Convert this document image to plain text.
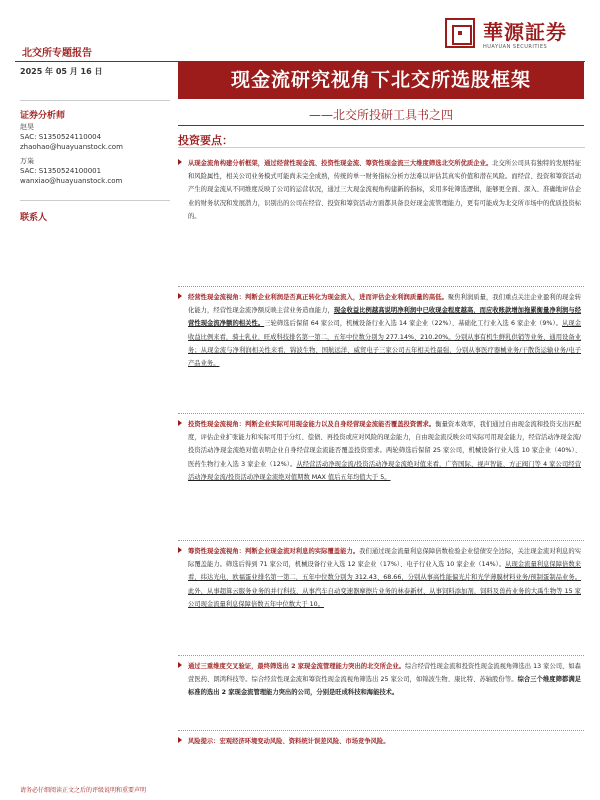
北交所专题报告
華源証券
HUAYUAN SECURITIES
2025 年 05 月 16 日	现金流研究视角下北交所选股框架
——北交所投研工具书之四
证券分析师
赵昊
SAC: S1350524110004
zhaohao@huayuanstock.com
万枭
SAC: S1350524100001
wanxiao@huayuanstock.com
联系人
投资要点：
从现金流角构建分析框架，通过经营性现金流、投资性现金流、筹资性现金流三大维度筛选北交所优质企业。北交所公司具有独特的发展特征和风险属性，相关公司业务模式可能尚未完全成熟，传统的单一财务指标分析方法难以评估其真实价值和潜在风险。而经营、投资和筹资活动产生的现金流从不同维度反映了公司的运营状况，通过三大现金流视角构建新的指标，采用多轮筛选逻辑，能够更全面、深入、准确地评估企业的财务状况和发展潜力，识别出的公司在经营、投资和筹资活动方面都具备良好现金流管理能力，更有可能成为北交所市场中的优质投资标的。
经营性现金流视角：判断企业利润是否真正转化为现金流入，进而评估企业利润质量的高低。聚焦利润质量，我们重点关注企业盈利的现金转化能力，经营性现金流净额反映主营业务造血能力，现金收益比例越高说明净利润中已收现金程度越高，而应收账款增加拖累衡量净利润与经营性现金流净额的相关性。三轮筛选后保留 64 家公司，机械设备行业入选 14 家企业（22%）、基础化工行业入选 6 家企业（9%）。从现金收益比例来看，骑士乳业、旺成科技排名第一第二，五年中位数分别为 277.14%、210.20%。分别从事有机生鲜乳供销等业务、通用设备业务；从现金流与净利润相关性来看，锦波生物、国航远洋、威贸电子三家公司五年相关性最强，分别从事医疗器械业务/干散货运输业务/电子产品业务。
投资性现金流视角：判断企业实际可用现金能力以及自身经营现金流能否覆盖投资需求。衡量资本效率，我们通过自由现金流和投资支出匹配度，评估企业扩张能力和实际可用于分红、偿债、再投资或应对风险的现金能力，自由现金流反映公司实际可用现金能力，经营活动净现金流/投资活动净现金流绝对值表明企业自身经营现金流能否覆盖投资需求。两轮筛选后保留 25 家公司，机械设备行业入选 10 家企业（40%）、医药生物行业入选 3 家企业（12%）。从经营活动净现金流/投资活动净现金流绝对值来看，广咨国际、视声智能、方正阀门等 4 家公司经营活动净现金流/投资活动净现金流绝对值期数 MAX 值后五年均值大于 5。
筹资性现金流视角：判断企业现金流对利息的实际覆盖能力。我们通过现金流量利息保障倍数检验企业偿债安全边际，关注现金流对利息的实际覆盖能力。筛选后得到 71 家公司，机械设备行业入选 12 家企业（17%）、电子行业入选 10 家企业（14%）。从现金流量利息保障倍数来看，纬达光电、欧福蛋业排名第一第二，五年中位数分别为 312.43、68.66，分别从事高性能偏光片和光学薄膜材料业务/预制蛋制品业务。此外，从事超算云服务业务的并行科技、从事汽车自动变速器摩擦片业务的林泰新材、从事饲料添加剂、饲料及兽药业务的大禹生物等 15 家公司现金流量利息保障倍数五年中位数大于 10。
通过三重维度交叉验证，最终筛选出 2 家现金流管理能力突出的北交所企业。综合经营性现金流和投资性现金流视角筛选出 13 家公司，如森萱医药、朗鸿科技等。综合经营性现金流和筹资性现金流视角筛选出 25 家公司，如锦波生物、康比特、苏轴股份等。综合三个维度筛都满足标准的选出 2 家现金流管理能力突出的公司，分别是旺成科技和海能技术。
风险提示：宏观经济环境变动风险、资料统计误差风险、市场竞争风险。
请务必仔细阅读正文之后的评级说明和重要声明
